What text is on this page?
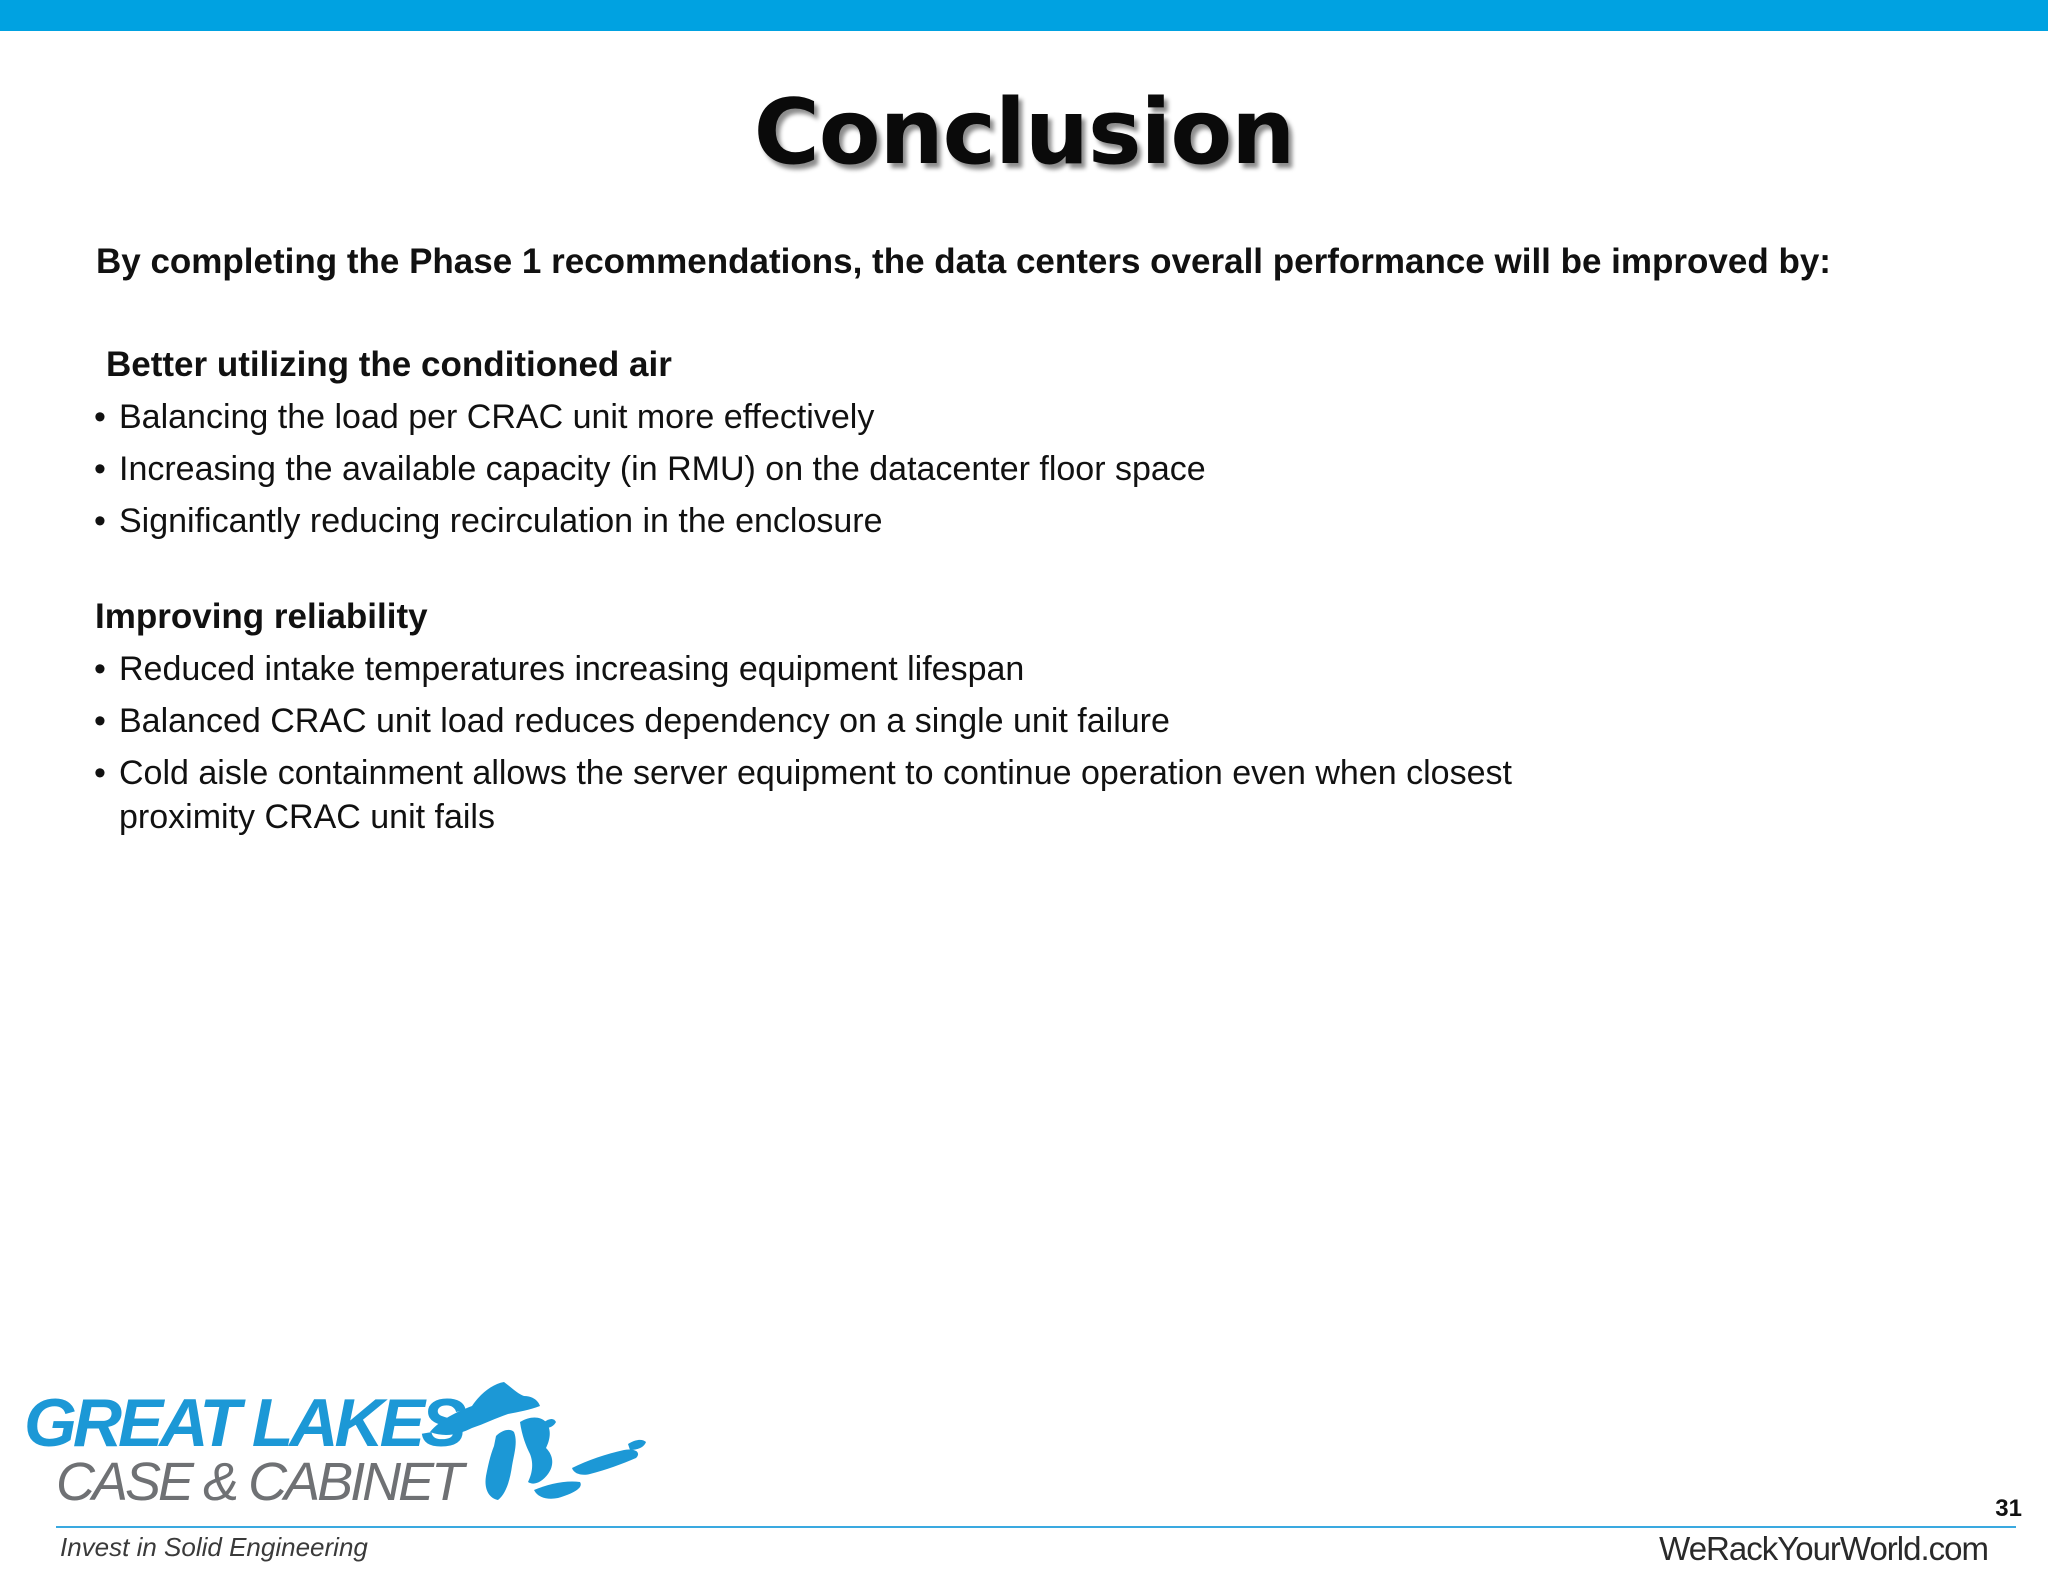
Conclusion
By completing the Phase 1 recommendations, the data centers overall performance will be improved by:
Better utilizing the conditioned air
• Balancing the load per CRAC unit more effectively
• Increasing the available capacity (in RMU) on the datacenter floor space
• Significantly reducing recirculation in the enclosure
Improving reliability
• Reduced intake temperatures increasing equipment lifespan
• Balanced CRAC unit load reduces dependency on a single unit failure
• Cold aisle containment allows the server equipment to continue operation even when closest proximity CRAC unit fails
GREAT LAKES
CASE & CABINET
Invest in Solid Engineering
31
WeRackYourWorld.com
